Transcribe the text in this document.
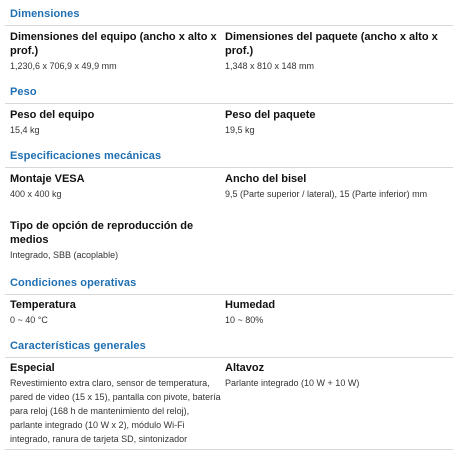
Dimensiones
Dimensiones del equipo (ancho x alto x prof.)
1,230,6 x 706,9 x 49,9 mm
Dimensiones del paquete (ancho x alto x prof.)
1,348 x 810 x 148 mm
Peso
Peso del equipo
15,4 kg
Peso del paquete
19,5 kg
Especificaciones mecánicas
Montaje VESA
400 x 400 kg
Ancho del bisel
9,5 (Parte superior / lateral), 15 (Parte inferior) mm
Tipo de opción de reproducción de medios
Integrado, SBB (acoplable)
Condiciones operativas
Temperatura
0 ~ 40 °C
Humedad
10 ~ 80%
Características generales
Especial
Revestimiento extra claro, sensor de temperatura, pared de video (15 x 15), pantalla con pivote, batería para reloj (168 h de mantenimiento del reloj), parlante integrado (10 W x 2), módulo Wi-Fi integrado, ranura de tarjeta SD, sintonizador
Altavoz
Parlante integrado (10 W + 10 W)
